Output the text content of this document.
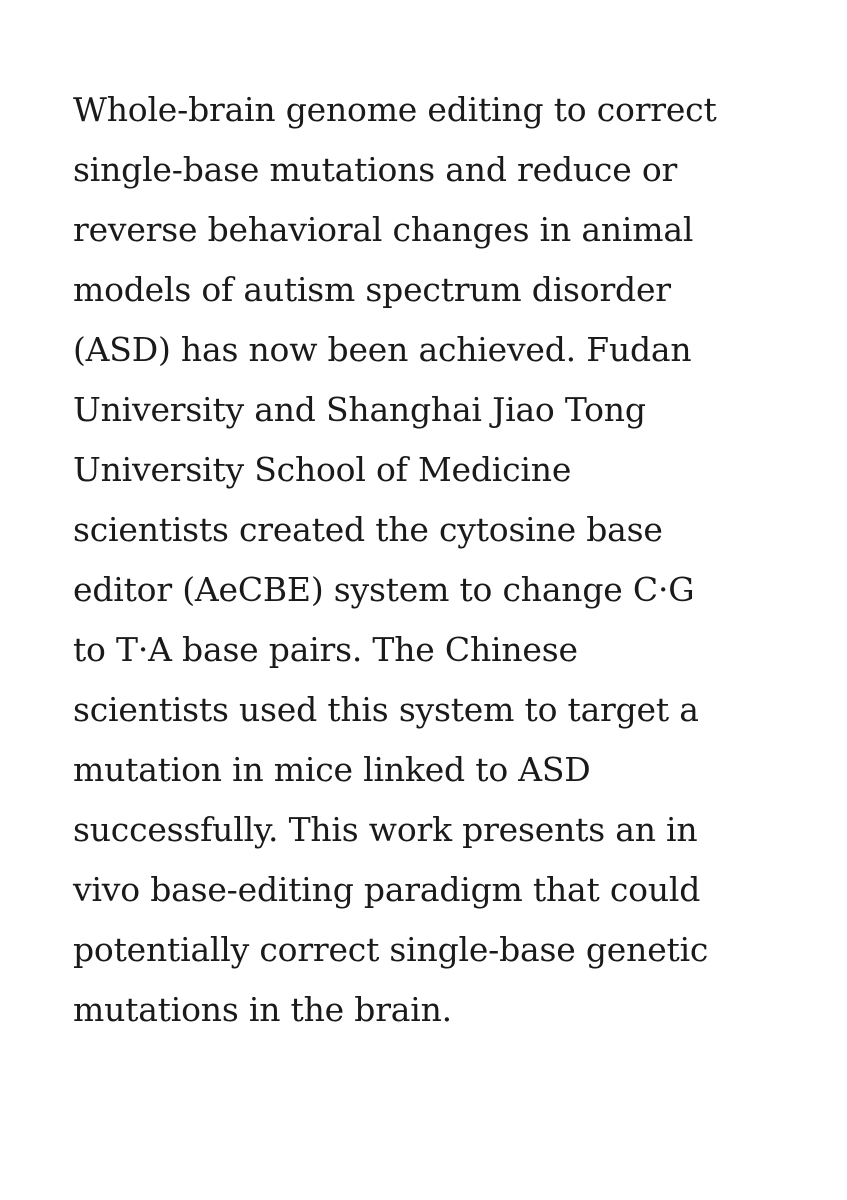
Whole-brain genome editing to correct
single-base mutations and reduce or
reverse behavioral changes in animal
models of autism spectrum disorder
(ASD) has now been achieved. Fudan
University and Shanghai Jiao Tong
University School of Medicine
scientists created the cytosine base
editor (AeCBE) system to change C·G
to T·A base pairs. The Chinese
scientists used this system to target a
mutation in mice linked to ASD
successfully. This work presents an in
vivo base-editing paradigm that could
potentially correct single-base genetic
mutations in the brain.
